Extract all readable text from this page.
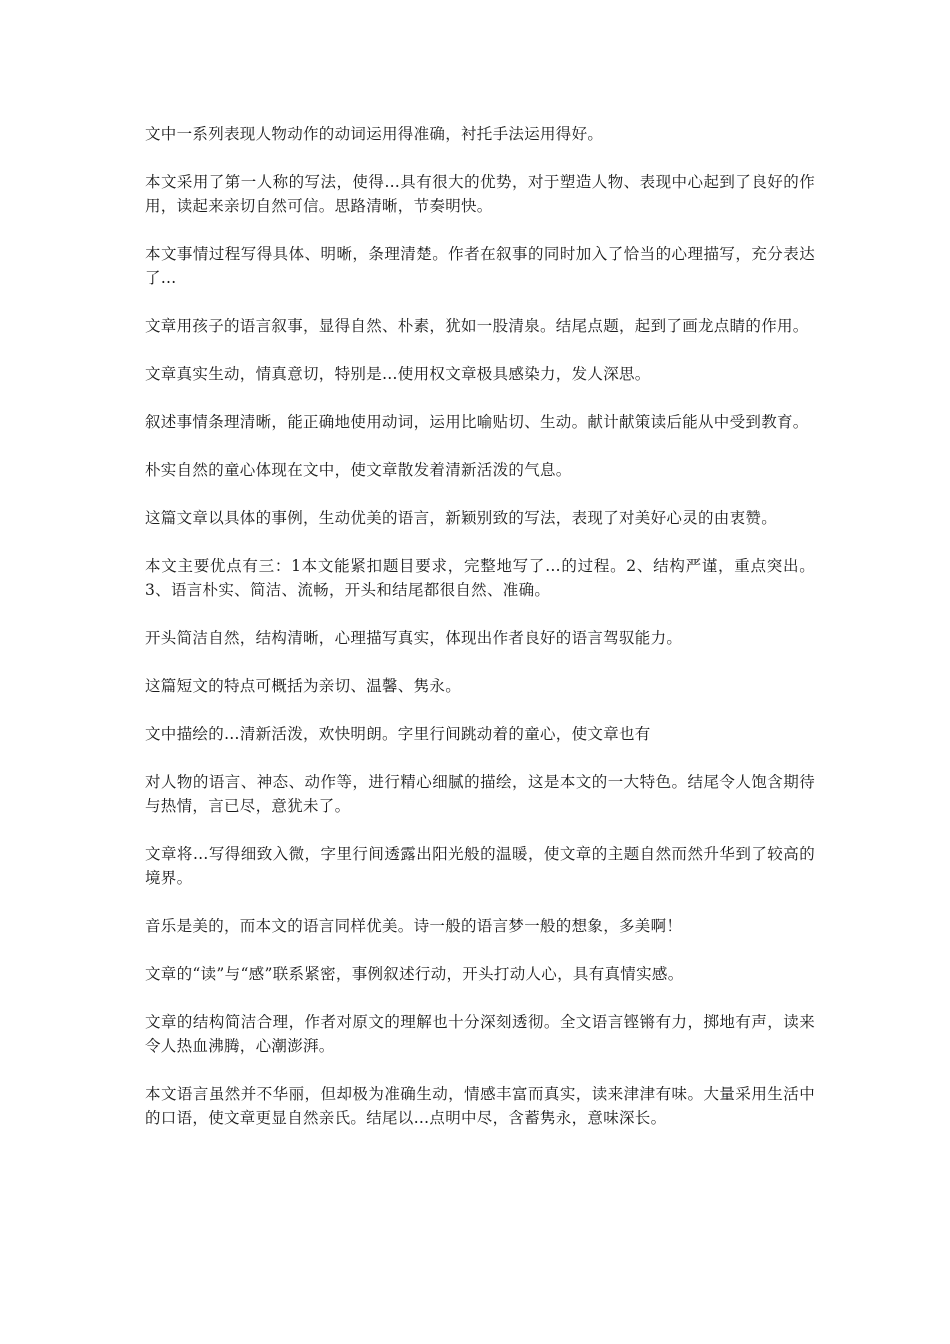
文中一系列表现人物动作的动词运用得准确，衬托手法运用得好。

本文采用了第一人称的写法，使得…具有很大的优势，对于塑造人物、表现中心起到了良好的作用，读起来亲切自然可信。思路清晰，节奏明快。

本文事情过程写得具体、明晰，条理清楚。作者在叙事的同时加入了恰当的心理描写，充分表达了…

文章用孩子的语言叙事，显得自然、朴素，犹如一股清泉。结尾点题，起到了画龙点睛的作用。

文章真实生动，情真意切，特别是…使用权文章极具感染力，发人深思。

叙述事情条理清晰，能正确地使用动词，运用比喻贴切、生动。献计献策读后能从中受到教育。

朴实自然的童心体现在文中，使文章散发着清新活泼的气息。

这篇文章以具体的事例，生动优美的语言，新颖别致的写法，表现了对美好心灵的由衷赞。

本文主要优点有三：1本文能紧扣题目要求，完整地写了…的过程。2、结构严谨，重点突出。3、语言朴实、简洁、流畅，开头和结尾都很自然、准确。

开头简洁自然，结构清晰，心理描写真实，体现出作者良好的语言驾驭能力。

这篇短文的特点可概括为亲切、温馨、隽永。

文中描绘的…清新活泼，欢快明朗。字里行间跳动着的童心，使文章也有

对人物的语言、神态、动作等，进行精心细腻的描绘，这是本文的一大特色。结尾令人饱含期待与热情，言已尽，意犹未了。

文章将…写得细致入微，字里行间透露出阳光般的温暖，使文章的主题自然而然升华到了较高的境界。

音乐是美的，而本文的语言同样优美。诗一般的语言梦一般的想象，多美啊！

文章的“读”与“感”联系紧密，事例叙述行动，开头打动人心，具有真情实感。

文章的结构简洁合理，作者对原文的理解也十分深刻透彻。全文语言铿锵有力，掷地有声，读来令人热血沸腾，心潮澎湃。

本文语言虽然并不华丽，但却极为准确生动，情感丰富而真实，读来津津有味。大量采用生活中的口语，使文章更显自然亲氏。结尾以…点明中尽，含蓄隽永，意味深长。
